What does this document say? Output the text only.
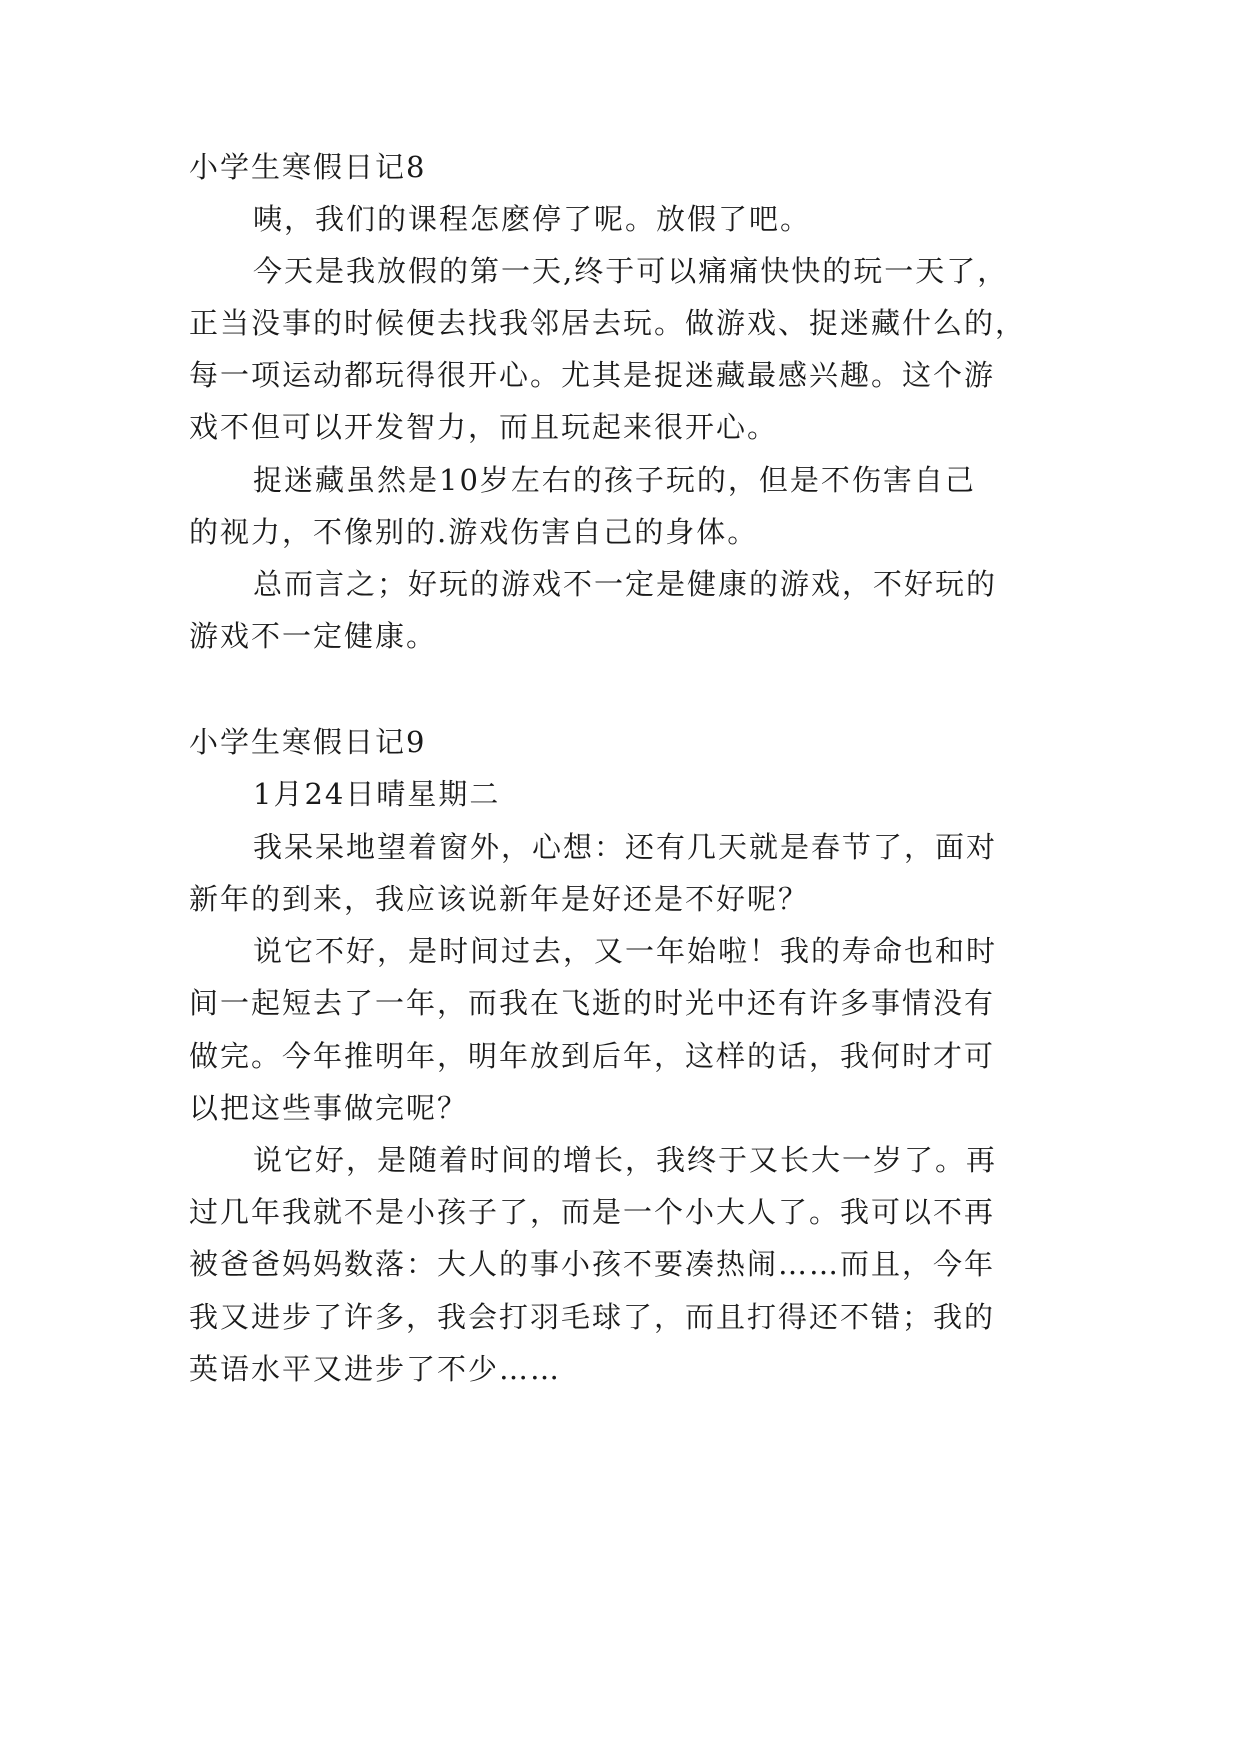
小学生寒假日记8
咦，我们的课程怎麽停了呢。放假了吧。
今天是我放假的第一天,终于可以痛痛快快的玩一天了，
正当没事的时候便去找我邻居去玩。做游戏、捉迷藏什么的，
每一项运动都玩得很开心。尤其是捉迷藏最感兴趣。这个游
戏不但可以开发智力，而且玩起来很开心。
捉迷藏虽然是10岁左右的孩子玩的，但是不伤害自己
的视力，不像别的.游戏伤害自己的身体。
总而言之；好玩的游戏不一定是健康的游戏，不好玩的
游戏不一定健康。
小学生寒假日记9
1月24日晴星期二
我呆呆地望着窗外，心想：还有几天就是春节了，面对
新年的到来，我应该说新年是好还是不好呢？
说它不好，是时间过去，又一年始啦！我的寿命也和时
间一起短去了一年，而我在飞逝的时光中还有许多事情没有
做完。今年推明年，明年放到后年，这样的话，我何时才可
以把这些事做完呢？
说它好，是随着时间的增长，我终于又长大一岁了。再
过几年我就不是小孩子了，而是一个小大人了。我可以不再
被爸爸妈妈数落：大人的事小孩不要凑热闹……而且，今年
我又进步了许多，我会打羽毛球了，而且打得还不错；我的
英语水平又进步了不少……
